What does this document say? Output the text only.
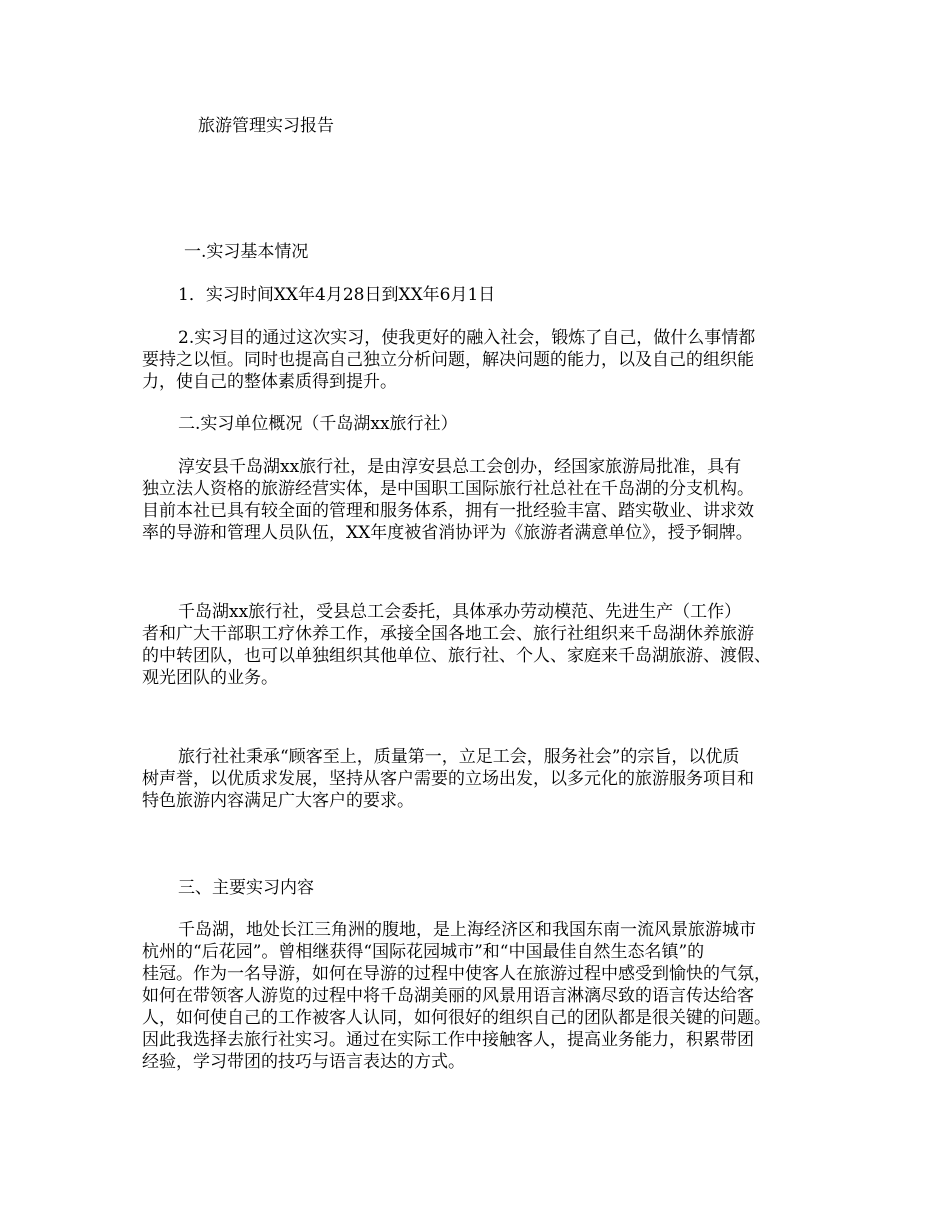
旅游管理实习报告
一.实习基本情况
1．实习时间XX年4月28日到XX年6月1日
2.实习目的通过这次实习，使我更好的融入社会，锻炼了自己，做什么事情都
要持之以恒。同时也提高自己独立分析问题，解决问题的能力，以及自己的组织能
力，使自己的整体素质得到提升。
二.实习单位概况（千岛湖xx旅行社）
淳安县千岛湖xx旅行社，是由淳安县总工会创办，经国家旅游局批准，具有
独立法人资格的旅游经营实体，是中国职工国际旅行社总社在千岛湖的分支机构。
目前本社已具有较全面的管理和服务体系，拥有一批经验丰富、踏实敬业、讲求效
率的导游和管理人员队伍，XX年度被省消协评为《旅游者满意单位》，授予铜牌。
千岛湖xx旅行社，受县总工会委托，具体承办劳动模范、先进生产（工作）
者和广大干部职工疗休养工作，承接全国各地工会、旅行社组织来千岛湖休养旅游
的中转团队，也可以单独组织其他单位、旅行社、个人、家庭来千岛湖旅游、渡假、
观光团队的业务。
旅行社社秉承“顾客至上，质量第一，立足工会，服务社会”的宗旨，以优质
树声誉，以优质求发展，坚持从客户需要的立场出发，以多元化的旅游服务项目和
特色旅游内容满足广大客户的要求。
三、主要实习内容
千岛湖，地处长江三角洲的腹地，是上海经济区和我国东南一流风景旅游城市
杭州的“后花园”。曾相继获得“国际花园城市”和“中国最佳自然生态名镇”的
桂冠。作为一名导游，如何在导游的过程中使客人在旅游过程中感受到愉快的气氛，
如何在带领客人游览的过程中将千岛湖美丽的风景用语言淋漓尽致的语言传达给客
人，如何使自己的工作被客人认同，如何很好的组织自己的团队都是很关键的问题。
因此我选择去旅行社实习。通过在实际工作中接触客人，提高业务能力，积累带团
经验，学习带团的技巧与语言表达的方式。
